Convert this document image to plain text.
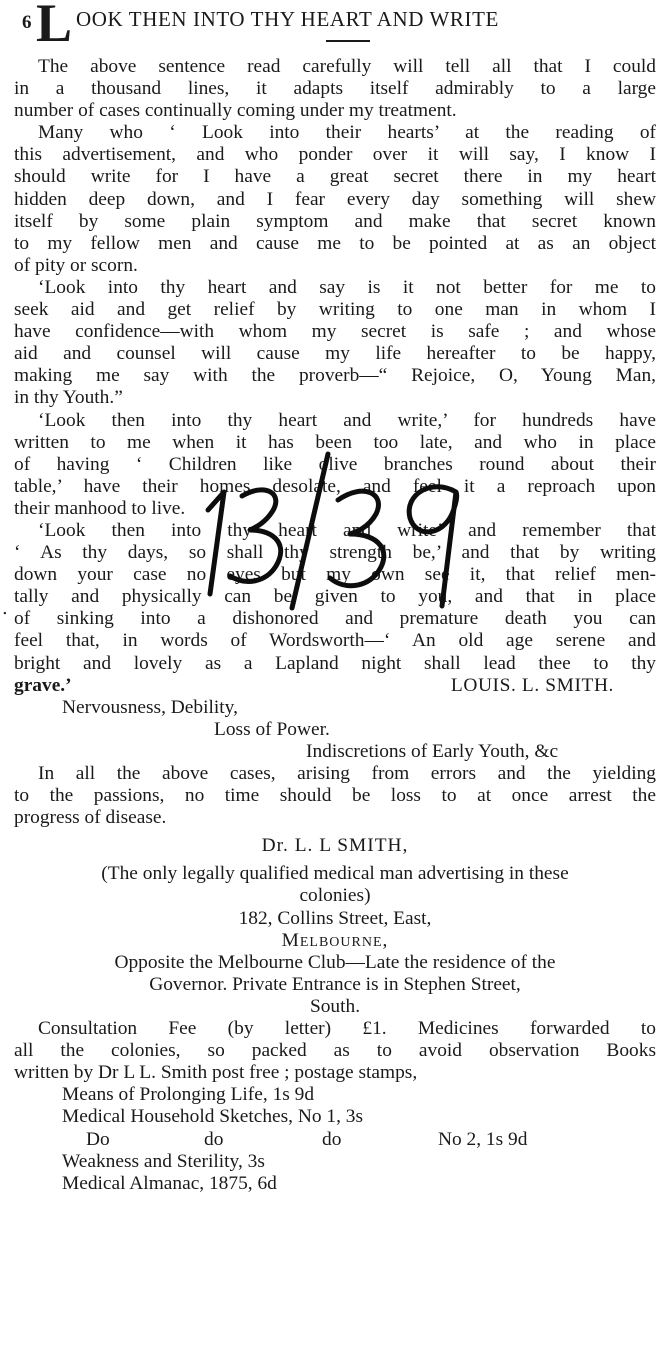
6 L OOK THEN INTO THY HEART AND WRITE
The above sentence read carefully will tell all that I could
in a thousand lines, it adapts itself admirably to a large
number of cases continually coming under my treatment.
Many who ‘ Look into their hearts’ at the reading of
this advertisement, and who ponder over it will say, I know I
should write for I have a great secret there in my heart
hidden deep down, and I fear every day something will shew
itself by some plain symptom and make that secret known
to my fellow men and cause me to be pointed at as an object
of pity or scorn.
‘Look into thy heart and say is it not better for me to
seek aid and get relief by writing to one man in whom I
have confidence—with whom my secret is safe ; and whose
aid and counsel will cause my life hereafter to be happy,
making me say with the proverb—“ Rejoice, O, Young Man,
in thy Youth.”
‘Look then into thy heart and write,’ for hundreds have
written to me when it has been too late, and who in place
of having ‘ Children like olive branches round about their
table,’ have their homes desolate, and feel it a reproach upon
their manhood to live.
‘Look then into thy heart and write’ and remember that
‘ As thy days, so shall thy strength be,’ and that by writing
down your case no eyes but my own see it, that relief men-
tally and physically can be given to you, and that in place
of sinking into a dishonored and premature death you can
feel that, in words of Wordsworth—‘ An old age serene and
bright and lovely as a Lapland night shall lead thee to thy
grave.’	LOUIS. L. SMITH.
Nervousness, Debility,
Loss of Power.
Indiscretions of Early Youth, &c
In all the above cases, arising from errors and the yielding
to the passions, no time should be loss to at once arrest the
progress of disease.
Dr. L. L SMITH,
(The only legally qualified medical man advertising in these
colonies)
182, Collins Street, East,
Melbourne,
Opposite the Melbourne Club—Late the residence of the
Governor. Private Entrance is in Stephen Street,
South.
Consultation Fee (by letter) £1. Medicines forwarded to
all the colonies, so packed as to avoid observation Books
written by Dr L L. Smith post free ; postage stamps,
Means of Prolonging Life, 1s 9d
Medical Household Sketches, No 1, 3s
Do	do	do	No 2, 1s 9d
Weakness and Sterility, 3s
Medical Almanac, 1875, 6d
.
